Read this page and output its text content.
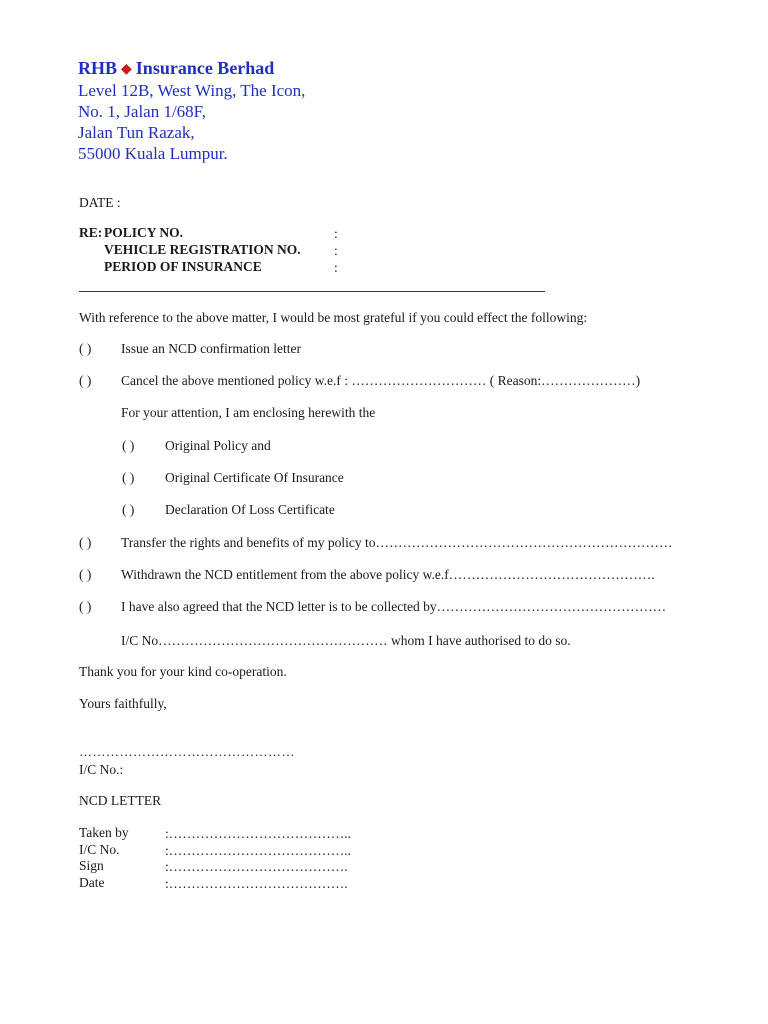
RHB ◆ Insurance Berhad
Level 12B, West Wing, The Icon,
No. 1, Jalan 1/68F,
Jalan Tun Razak,
55000 Kuala Lumpur.
DATE :
RE: POLICY NO.	:
VEHICLE REGISTRATION NO. :
PERIOD OF INSURANCE	:
With reference to the above matter, I would be most grateful if you could effect the following:
( ) Issue an NCD confirmation letter
( ) Cancel the above mentioned policy w.e.f : ………………………… ( Reason:…………………)
For your attention, I am enclosing herewith the
( ) Original Policy and
( ) Original Certificate Of Insurance
( ) Declaration Of Loss Certificate
( ) Transfer the rights and benefits of my policy to…………………………………………………………
( ) Withdrawn the NCD entitlement from the above policy w.e.f……………………………………….
( ) I have also agreed that the NCD letter is to be collected by……………………………………………
I/C No…………………………………………… whom I have authorised to do so.
Thank you for your kind co-operation.
Yours faithfully,
…………………………………………
I/C No.:
NCD LETTER
Taken by	:…………………………………..
I/C No.	:…………………………………..
Sign	:………………………………….
Date	:………………………………….
